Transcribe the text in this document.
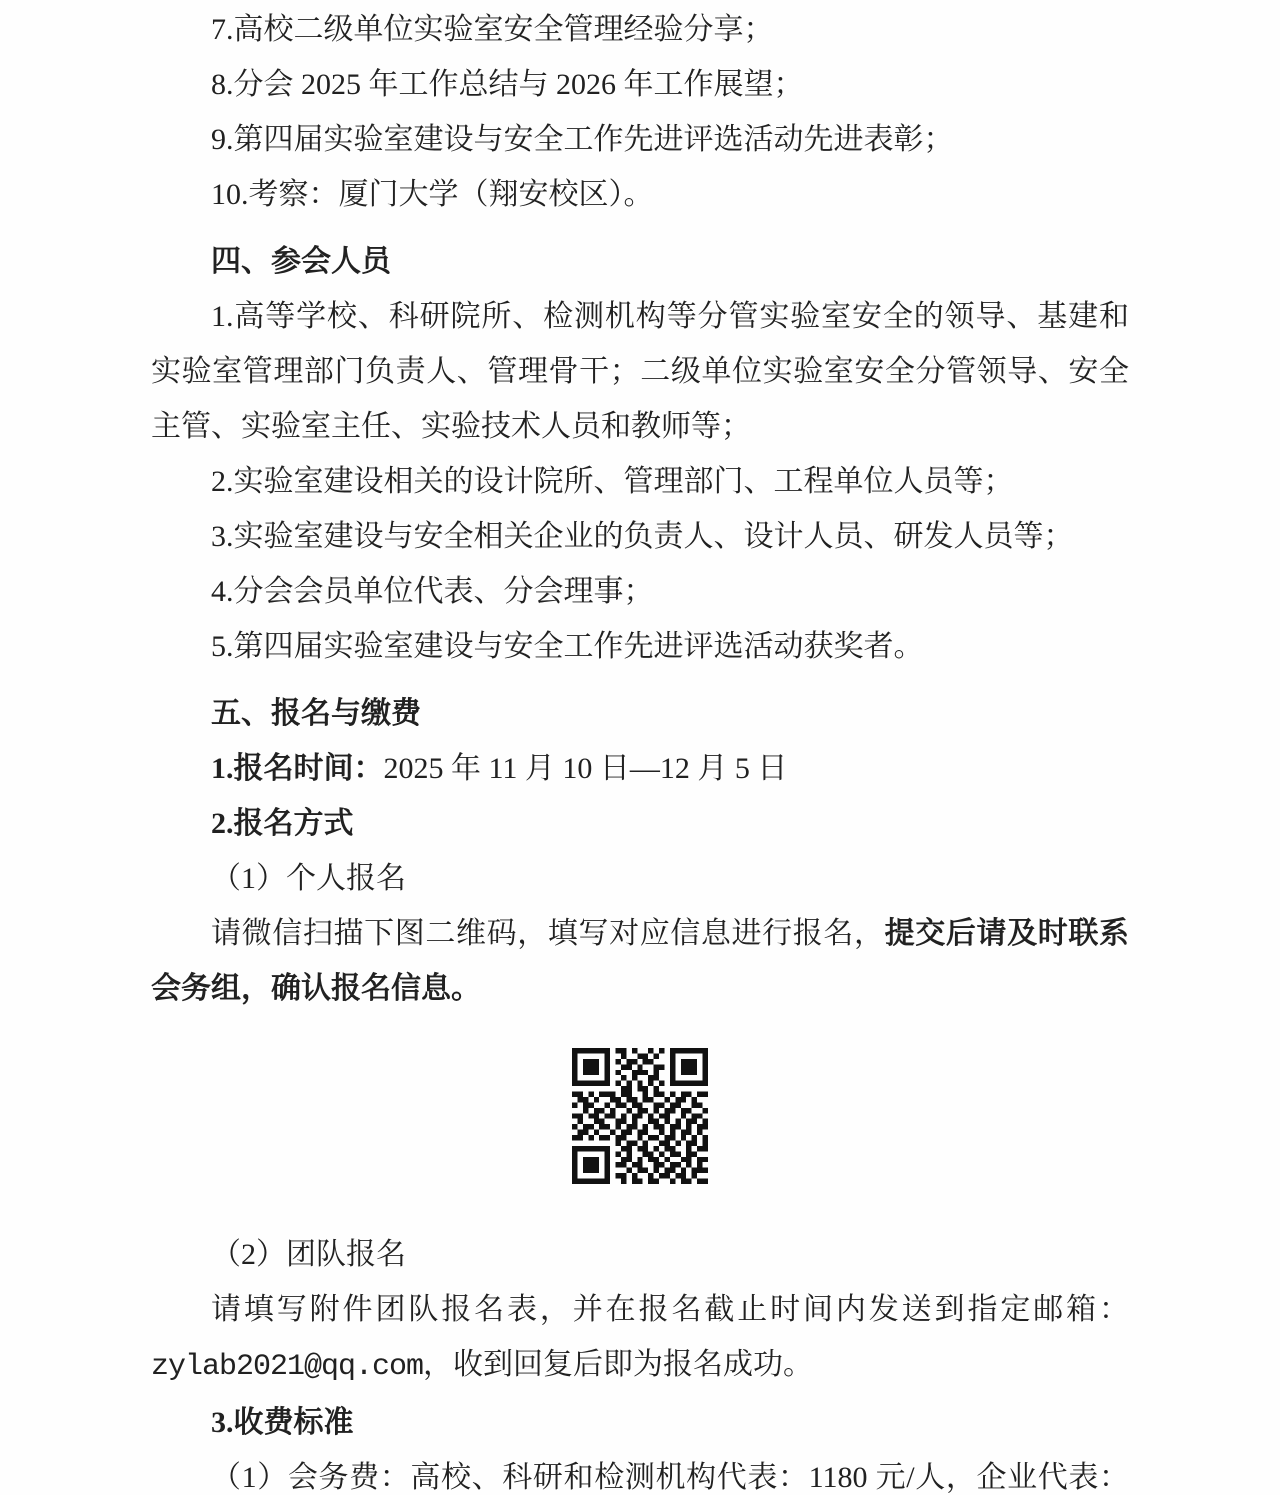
7.高校二级单位实验室安全管理经验分享；
8.分会 2025 年工作总结与 2026 年工作展望；
9.第四届实验室建设与安全工作先进评选活动先进表彰；
10.考察：厦门大学（翔安校区）。
四、参会人员
1.高等学校、科研院所、检测机构等分管实验室安全的领导、基建和
实验室管理部门负责人、管理骨干；二级单位实验室安全分管领导、安全
主管、实验室主任、实验技术人员和教师等；
2.实验室建设相关的设计院所、管理部门、工程单位人员等；
3.实验室建设与安全相关企业的负责人、设计人员、研发人员等；
4.分会会员单位代表、分会理事；
5.第四届实验室建设与安全工作先进评选活动获奖者。
五、报名与缴费
1.报名时间：2025 年 11 月 10 日—12 月 5 日
2.报名方式
（1）个人报名
请微信扫描下图二维码，填写对应信息进行报名，提交后请及时联系
会务组，确认报名信息。
（2）团队报名
请填写附件团队报名表，并在报名截止时间内发送到指定邮箱：
zylab2021@qq.com，收到回复后即为报名成功。
3.收费标准
（1）会务费：高校、科研和检测机构代表：1180 元/人，企业代表：
